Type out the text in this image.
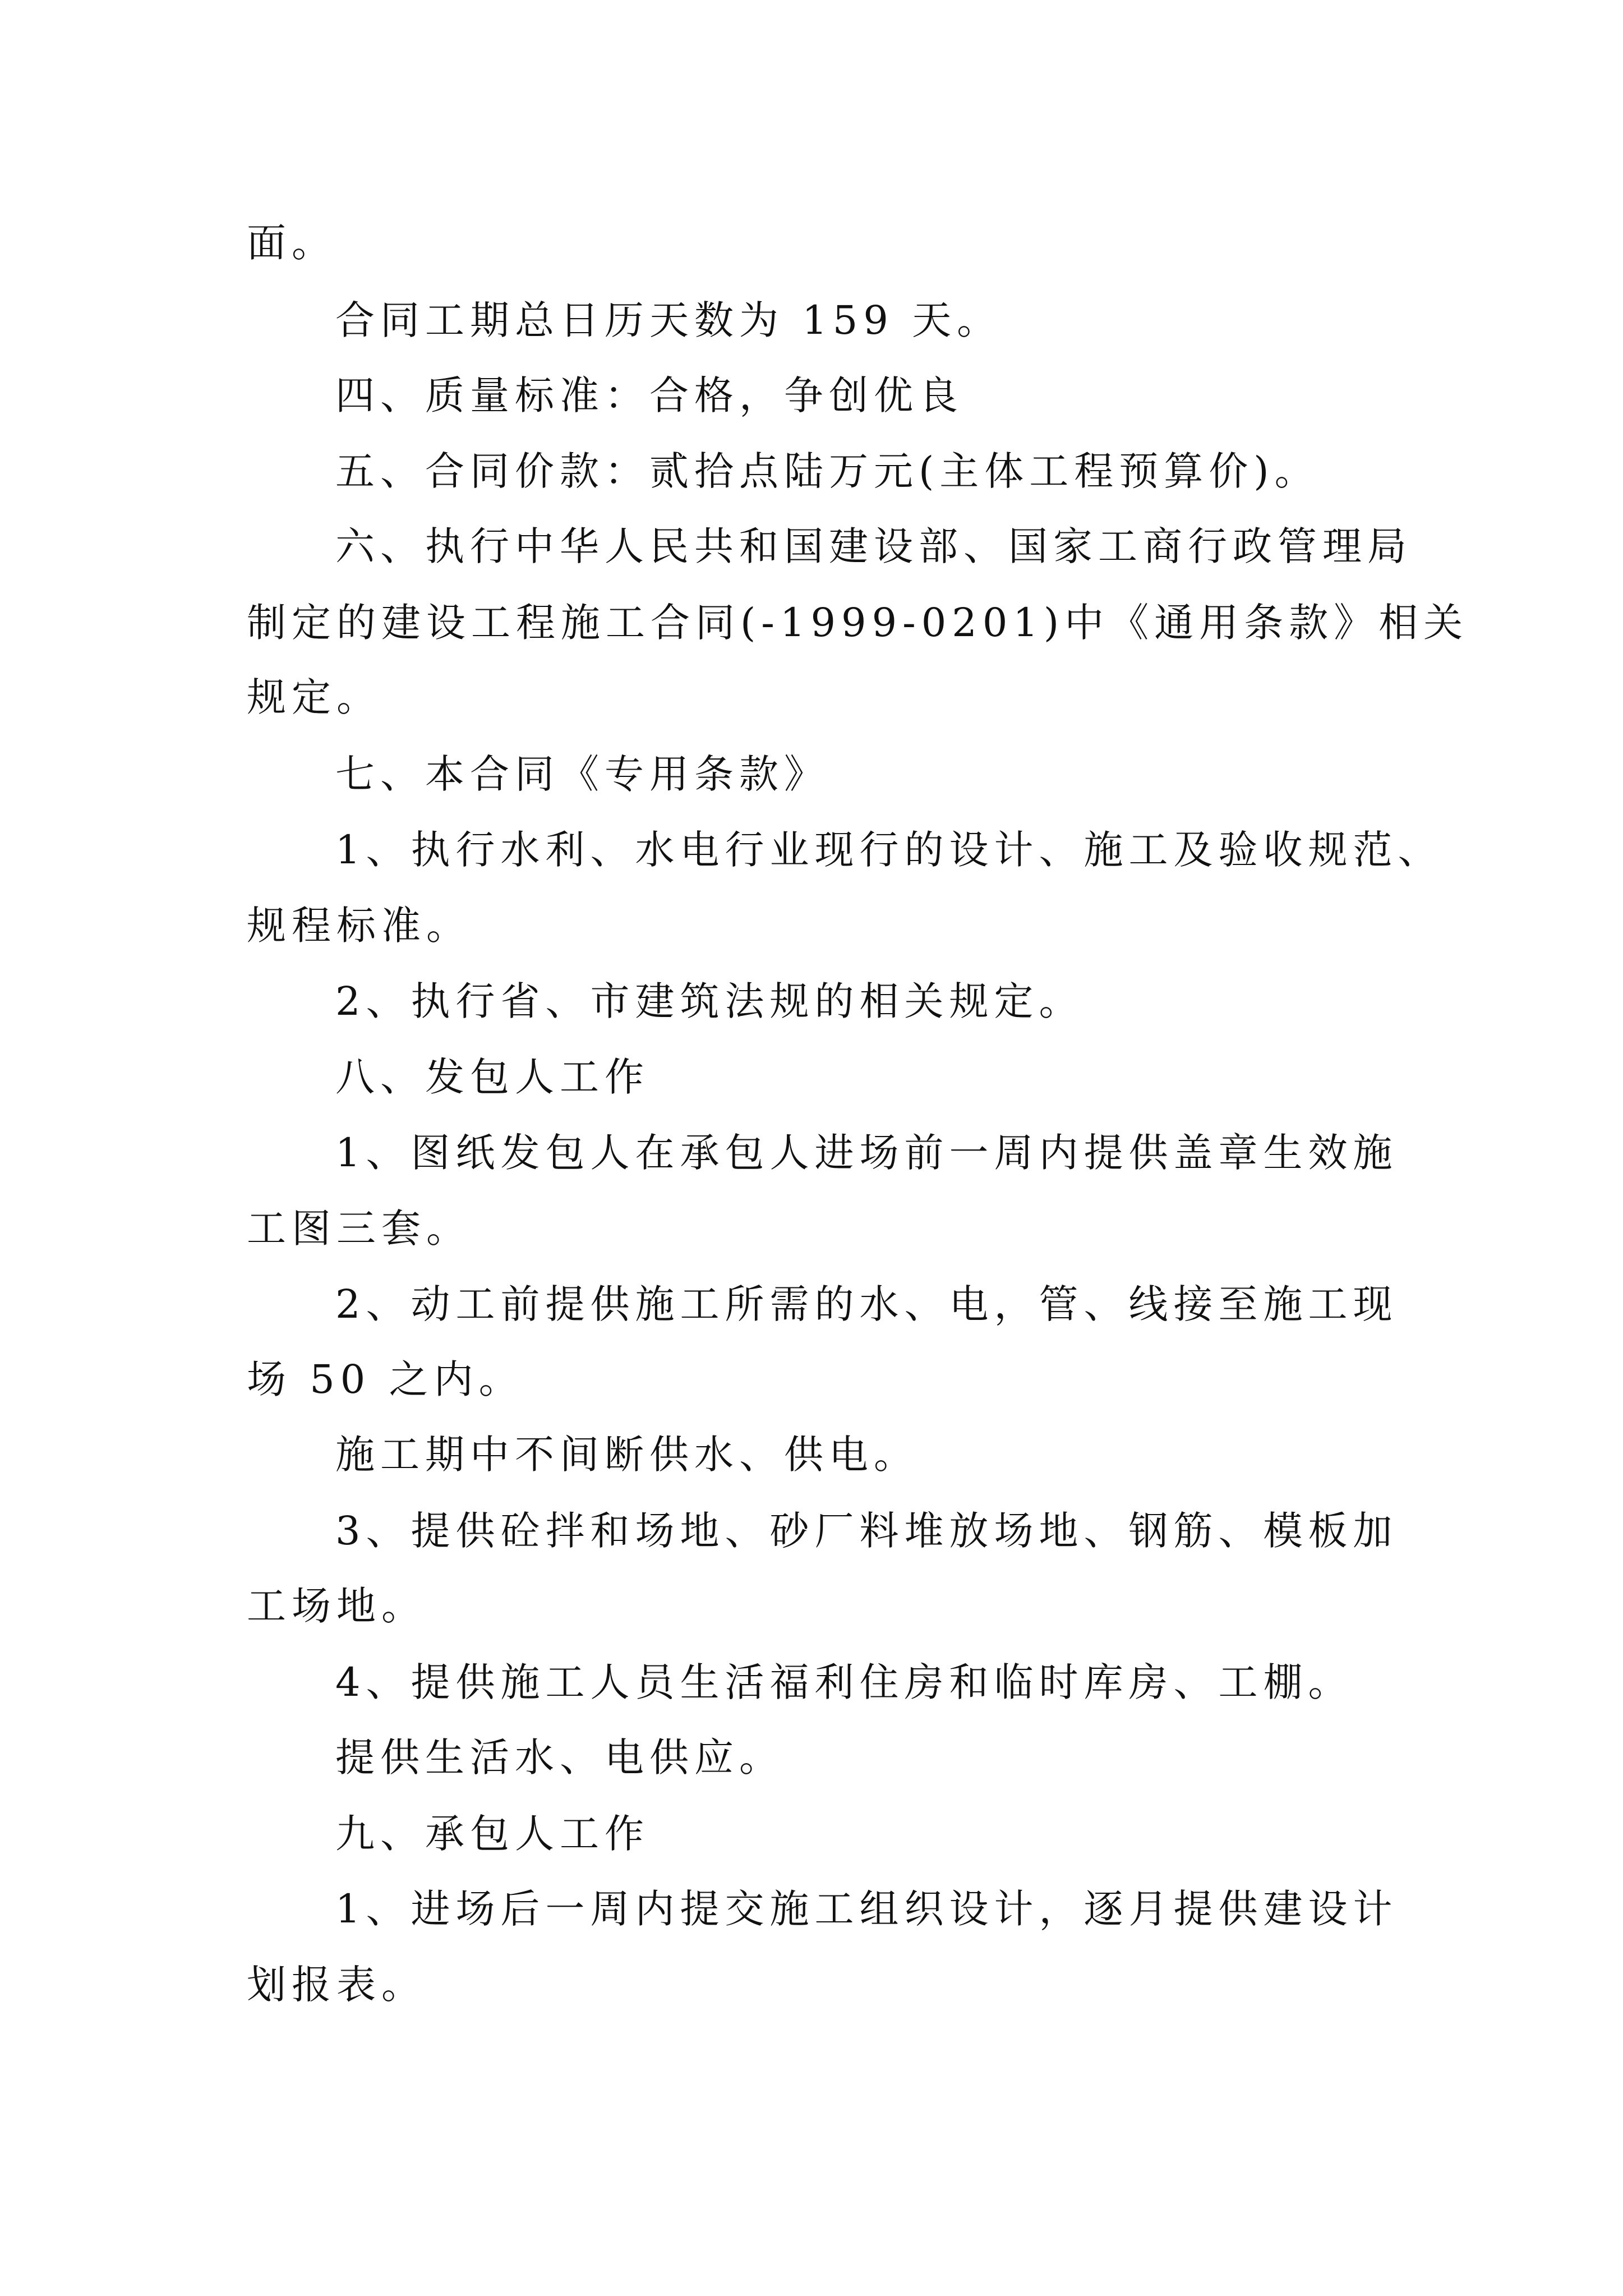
面。
合同工期总日历天数为 159 天。
四、质量标准：合格，争创优良
五、合同价款：贰拾点陆万元(主体工程预算价)。
六、执行中华人民共和国建设部、国家工商行政管理局
制定的建设工程施工合同(-1999-0201)中《通用条款》相关
规定。
七、本合同《专用条款》
1、执行水利、水电行业现行的设计、施工及验收规范、
规程标准。
2、执行省、市建筑法规的相关规定。
八、发包人工作
1、图纸发包人在承包人进场前一周内提供盖章生效施
工图三套。
2、动工前提供施工所需的水、电，管、线接至施工现
场 50 之内。
施工期中不间断供水、供电。
3、提供砼拌和场地、砂厂料堆放场地、钢筋、模板加
工场地。
4、提供施工人员生活福利住房和临时库房、工棚。
提供生活水、电供应。
九、承包人工作
1、进场后一周内提交施工组织设计，逐月提供建设计
划报表。
